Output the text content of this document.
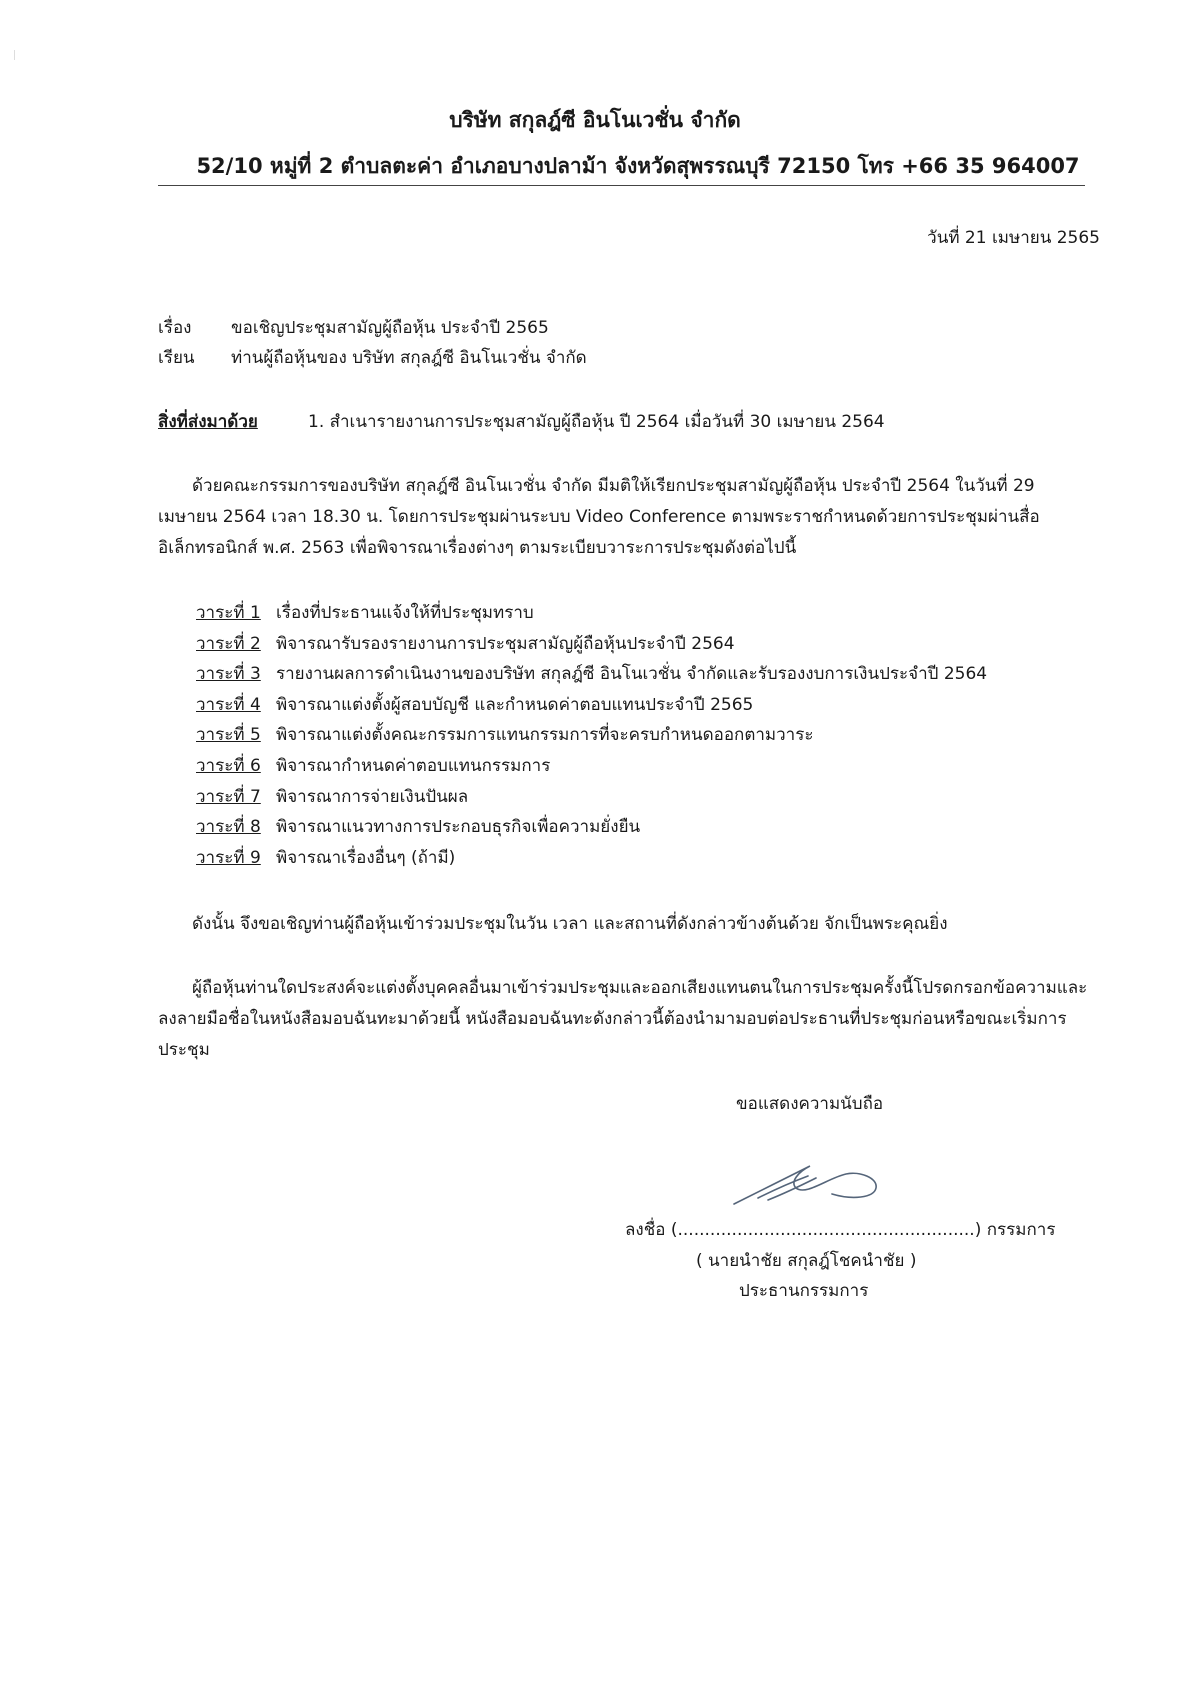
บริษัท สกุลฎ์ซี อินโนเวชั่น จำกัด
52/10 หมู่ที่ 2 ตำบลตะค่า อำเภอบางปลาม้า จังหวัดสุพรรณบุรี 72150 โทร +66 35 964007
วันที่ 21 เมษายน 2565
เรื่อง ขอเชิญประชุมสามัญผู้ถือหุ้น ประจำปี 2565
เรียน ท่านผู้ถือหุ้นของ บริษัท สกุลฎ์ซี อินโนเวชั่น จำกัด
สิ่งที่ส่งมาด้วย	1. สำเนารายงานการประชุมสามัญผู้ถือหุ้น ปี 2564 เมื่อวันที่ 30 เมษายน 2564

ด้วยคณะกรรมการของบริษัท สกุลฎ์ซี อินโนเวชั่น จำกัด มีมติให้เรียกประชุมสามัญผู้ถือหุ้น ประจำปี 2564 ในวันที่ 29 เมษายน 2564 เวลา 18.30 น. โดยการประชุมผ่านระบบ Video Conference ตามพระราชกำหนดด้วยการประชุมผ่านสื่ออิเล็กทรอนิกส์ พ.ศ. 2563 เพื่อพิจารณาเรื่องต่างๆ ตามระเบียบวาระการประชุมดังต่อไปนี้

วาระที่ 1 เรื่องที่ประธานแจ้งให้ที่ประชุมทราบ
วาระที่ 2 พิจารณารับรองรายงานการประชุมสามัญผู้ถือหุ้นประจำปี 2564
วาระที่ 3 รายงานผลการดำเนินงานของบริษัท สกุลฎ์ซี อินโนเวชั่น จำกัดและรับรองงบการเงินประจำปี 2564
วาระที่ 4 พิจารณาแต่งตั้งผู้สอบบัญชี และกำหนดค่าตอบแทนประจำปี 2565
วาระที่ 5 พิจารณาแต่งตั้งคณะกรรมการแทนกรรมการที่จะครบกำหนดออกตามวาระ
วาระที่ 6 พิจารณากำหนดค่าตอบแทนกรรมการ
วาระที่ 7 พิจารณาการจ่ายเงินปันผล
วาระที่ 8 พิจารณาแนวทางการประกอบธุรกิจเพื่อความยั่งยืน
วาระที่ 9 พิจารณาเรื่องอื่นๆ (ถ้ามี)

ดังนั้น จึงขอเชิญท่านผู้ถือหุ้นเข้าร่วมประชุมในวัน เวลา และสถานที่ดังกล่าวข้างต้นด้วย จักเป็นพระคุณยิ่ง

ผู้ถือหุ้นท่านใดประสงค์จะแต่งตั้งบุคคลอื่นมาเข้าร่วมประชุมและออกเสียงแทนตนในการประชุมครั้งนี้โปรดกรอกข้อความและลงลายมือชื่อในหนังสือมอบฉันทะมาด้วยนี้ หนังสือมอบฉันทะดังกล่าวนี้ต้องนำมามอบต่อประธานที่ประชุมก่อนหรือขณะเริ่มการประชุม

ขอแสดงความนับถือ
ลงชื่อ (.......................................................) กรรมการ
( นายนำชัย สกุลฎ์โชคนำชัย )
ประธานกรรมการ
